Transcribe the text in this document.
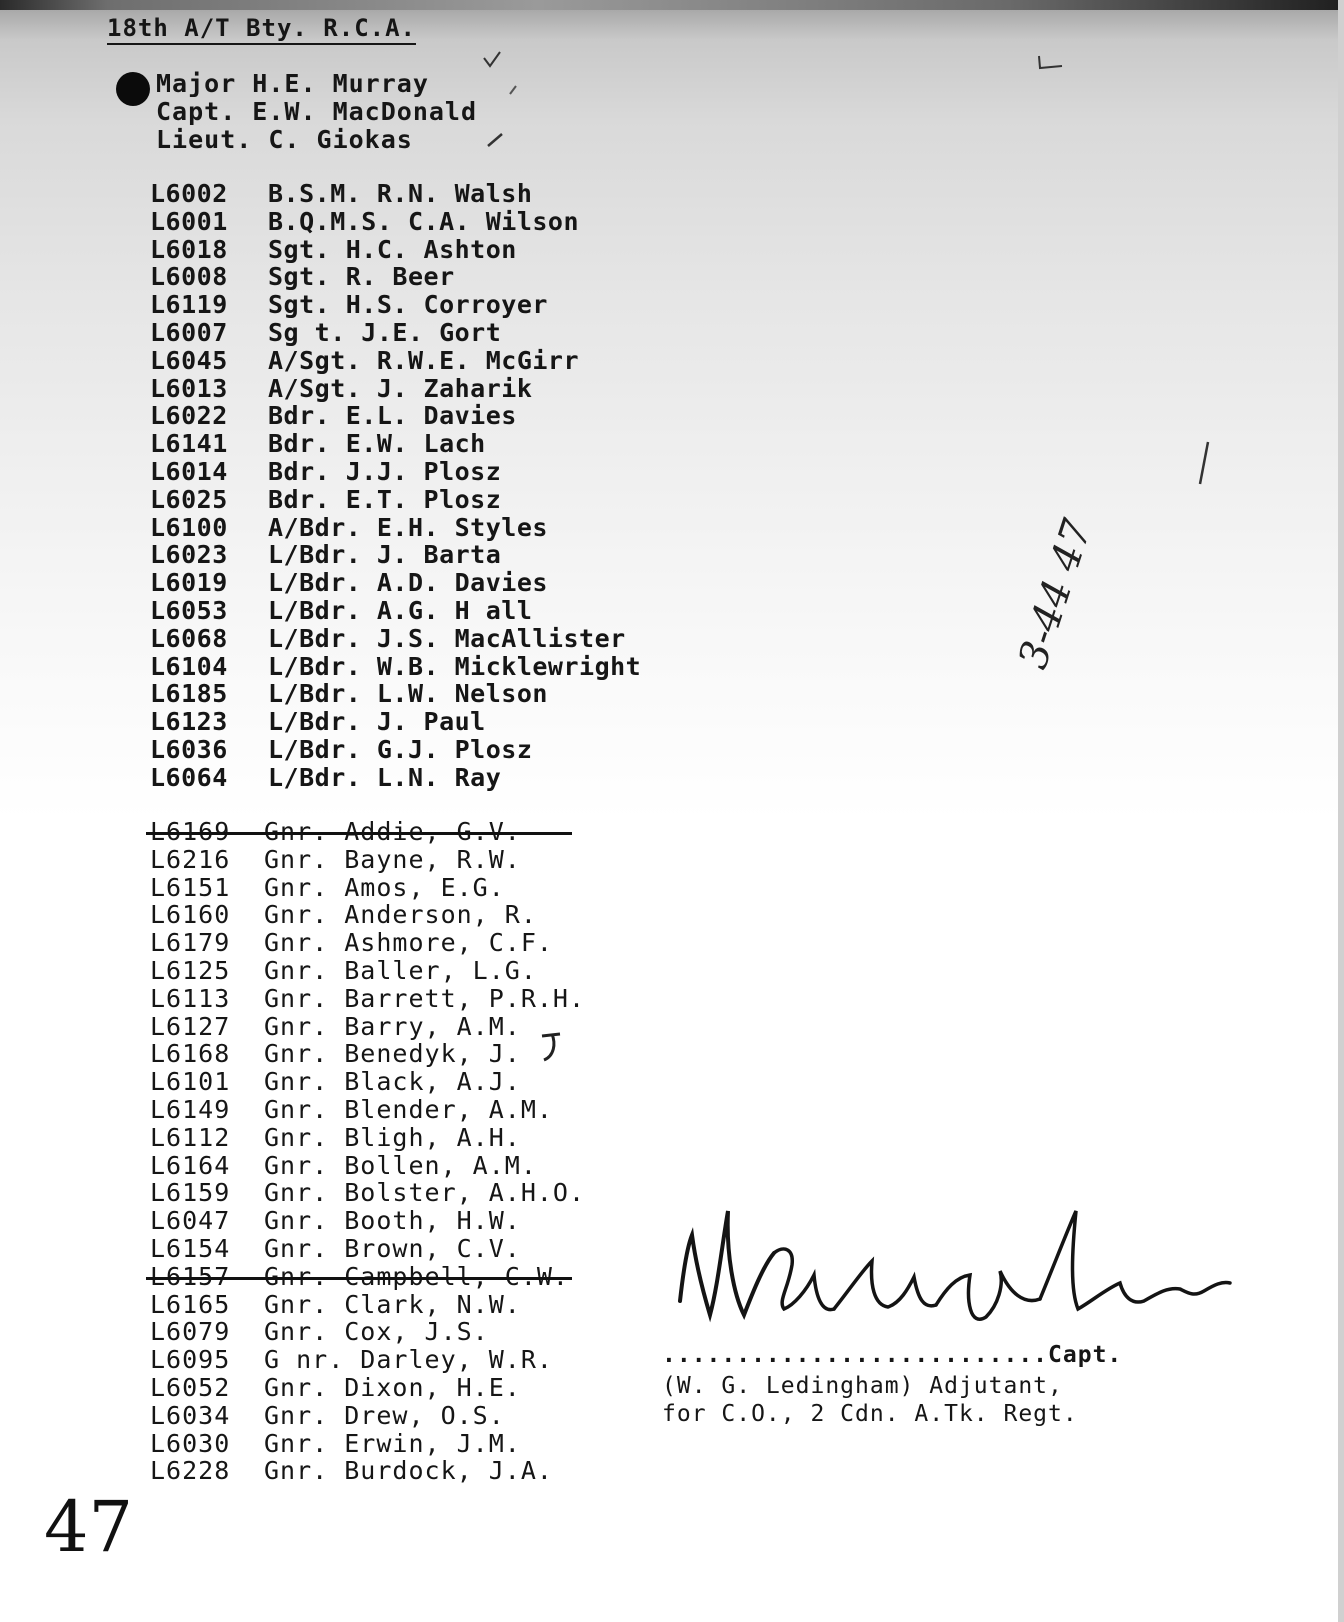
18th A/T Bty. R.C.A.
Major H.E. Murray
Capt. E.W. MacDonald
Lieut. C. Giokas
L6002 B.S.M. R.N. Walsh
L6001 B.Q.M.S. C.A. Wilson
L6018 Sgt. H.C. Ashton
L6008 Sgt. R. Beer
L6119 Sgt. H.S. Corroyer
L6007 Sg t. J.E. Gort
L6045 A/Sgt. R.W.E. McGirr
L6013 A/Sgt. J. Zaharik
L6022 Bdr. E.L. Davies
L6141 Bdr. E.W. Lach
L6014 Bdr. J.J. Plosz
L6025 Bdr. E.T. Plosz
L6100 A/Bdr. E.H. Styles
L6023 L/Bdr. J. Barta
L6019 L/Bdr. A.D. Davies
L6053 L/Bdr. A.G. H all
L6068 L/Bdr. J.S. MacAllister
L6104 L/Bdr. W.B. Micklewright
L6185 L/Bdr. L.W. Nelson
L6123 L/Bdr. J. Paul
L6036 L/Bdr. G.J. Plosz
L6064 L/Bdr. L.N. Ray
L6169 Gnr. Addie, G.V.
L6216 Gnr. Bayne, R.W.
L6151 Gnr. Amos, E.G.
L6160 Gnr. Anderson, R.
L6179 Gnr. Ashmore, C.F.
L6125 Gnr. Baller, L.G.
L6113 Gnr. Barrett, P.R.H.
L6127 Gnr. Barry, A.M.
L6168 Gnr. Benedyk, J.
L6101 Gnr. Black, A.J.
L6149 Gnr. Blender, A.M.
L6112 Gnr. Bligh, A.H.
L6164 Gnr. Bollen, A.M.
L6159 Gnr. Bolster, A.H.O.
L6047 Gnr. Booth, H.W.
L6154 Gnr. Brown, C.V.
L6157 Gnr. Campbell, C.W.
L6165 Gnr. Clark, N.W.
L6079 Gnr. Cox, J.S.
L6095 G nr. Darley, W.R.
L6052 Gnr. Dixon, H.E.
L6034 Gnr. Drew, O.S.
L6030 Gnr. Erwin, J.M.
L6228 Gnr. Burdock, J.A.
3-44 47
..........................Capt.
(W. G. Ledingham) Adjutant,
for C.O., 2 Cdn. A.Tk. Regt.
47
